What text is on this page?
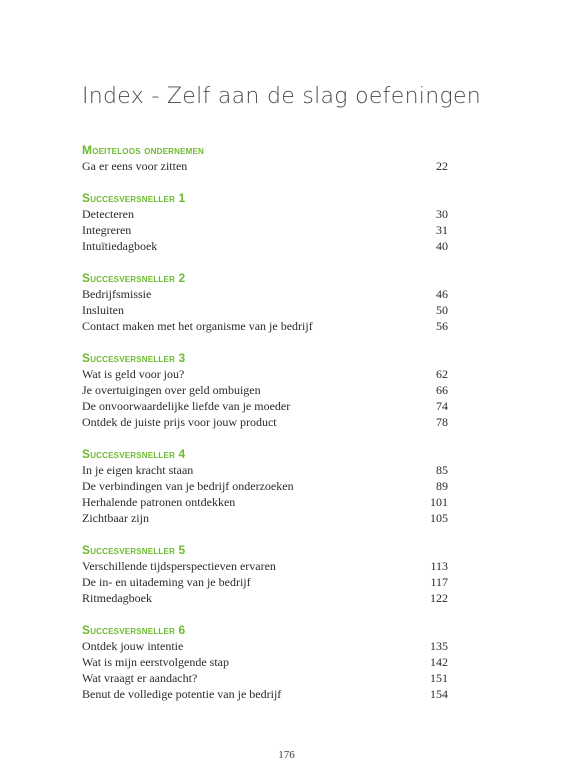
Index - Zelf aan de slag oefeningen
Moeiteloos ondernemen
Ga er eens voor zitten	22
Succesversneller 1
Detecteren	30
Integreren	31
Intuïtiedagboek	40
Succesversneller 2
Bedrijfsmissie	46
Insluiten	50
Contact maken met het organisme van je bedrijf	56
Succesversneller 3
Wat is geld voor jou?	62
Je overtuigingen over geld ombuigen	66
De onvoorwaardelijke liefde van je moeder	74
Ontdek de juiste prijs voor jouw product	78
Succesversneller 4
In je eigen kracht staan	85
De verbindingen van je bedrijf onderzoeken	89
Herhalende patronen ontdekken	101
Zichtbaar zijn	105
Succesversneller 5
Verschillende tijdsperspectieven ervaren	113
De in- en uitademing van je bedrijf	117
Ritmedagboek	122
Succesversneller 6
Ontdek jouw intentie	135
Wat is mijn eerstvolgende stap	142
Wat vraagt er aandacht?	151
Benut de volledige potentie van je bedrijf	154
176
